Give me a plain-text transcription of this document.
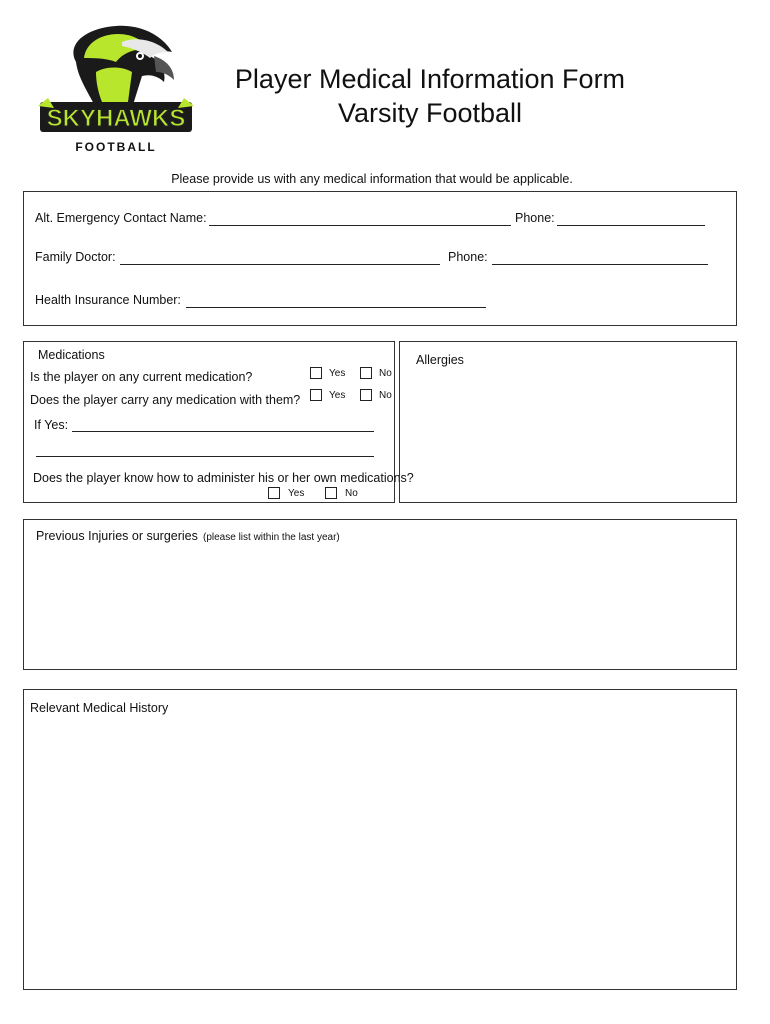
SKYHAWKS
FOOTBALL
Player Medical Information Form
Varsity Football
Please provide us with any medical information that would be applicable.
Alt. Emergency Contact Name:	Phone:
Family Doctor:	Phone:
Health Insurance Number:
Medications
Is the player on any current medication?	Yes	No
Does the player carry any medication with them?	Yes	No
If Yes:
Does the player know how to administer his or her own medications?
Yes	No
Allergies
Previous Injuries or surgeries (please list within the last year)
Relevant Medical History
